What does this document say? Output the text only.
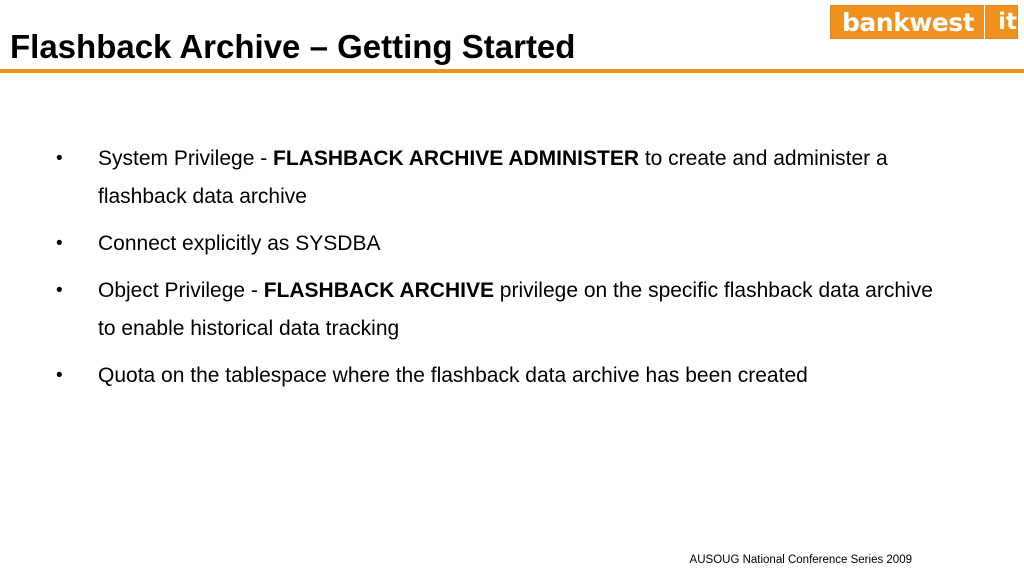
bankwest	it
Flashback Archive – Getting Started
•	System Privilege - FLASHBACK ARCHIVE ADMINISTER to create and administer a flashback data archive
•	Connect explicitly as SYSDBA
•	Object Privilege - FLASHBACK ARCHIVE privilege on the specific flashback data archive to enable historical data tracking
•	Quota on the tablespace where the flashback data archive has been created
AUSOUG National Conference Series 2009
